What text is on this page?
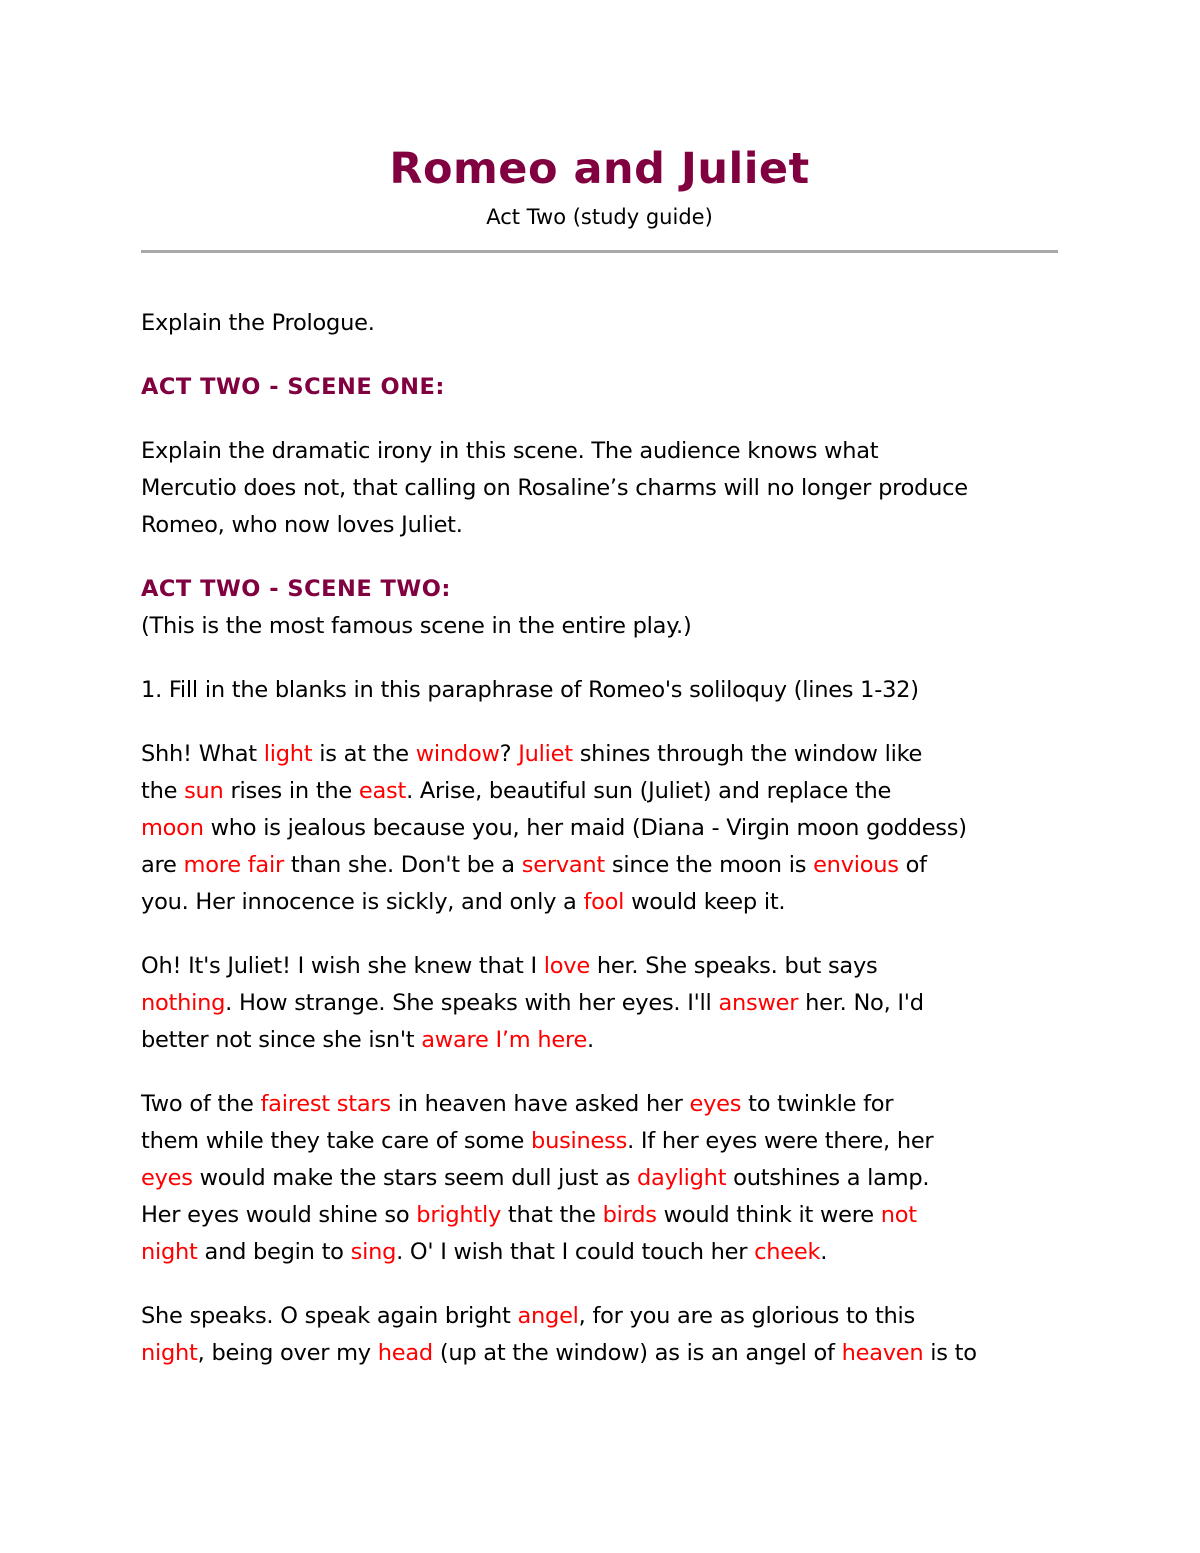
Romeo and Juliet
Act Two (study guide)

Explain the Prologue.

ACT TWO - SCENE ONE:

Explain the dramatic irony in this scene. The audience knows what
Mercutio does not, that calling on Rosaline’s charms will no longer produce
Romeo, who now loves Juliet.

ACT TWO - SCENE TWO:

(This is the most famous scene in the entire play.)

1. Fill in the blanks in this paraphrase of Romeo's soliloquy (lines 1-32)

Shh! What light is at the window? Juliet shines through the window like
the sun rises in the east. Arise, beautiful sun (Juliet) and replace the
moon who is jealous because you, her maid (Diana - Virgin moon goddess)
are more fair than she. Don't be a servant since the moon is envious of
you. Her innocence is sickly, and only a fool would keep it.

Oh! It's Juliet! I wish she knew that I love her. She speaks. but says
nothing. How strange. She speaks with her eyes. I'll answer her. No, I'd
better not since she isn't aware I’m here.

Two of the fairest stars in heaven have asked her eyes to twinkle for
them while they take care of some business. If her eyes were there, her
eyes would make the stars seem dull just as daylight outshines a lamp.
Her eyes would shine so brightly that the birds would think it were not
night and begin to sing. O' I wish that I could touch her cheek.

She speaks. O speak again bright angel, for you are as glorious to this
night, being over my head (up at the window) as is an angel of heaven is to
